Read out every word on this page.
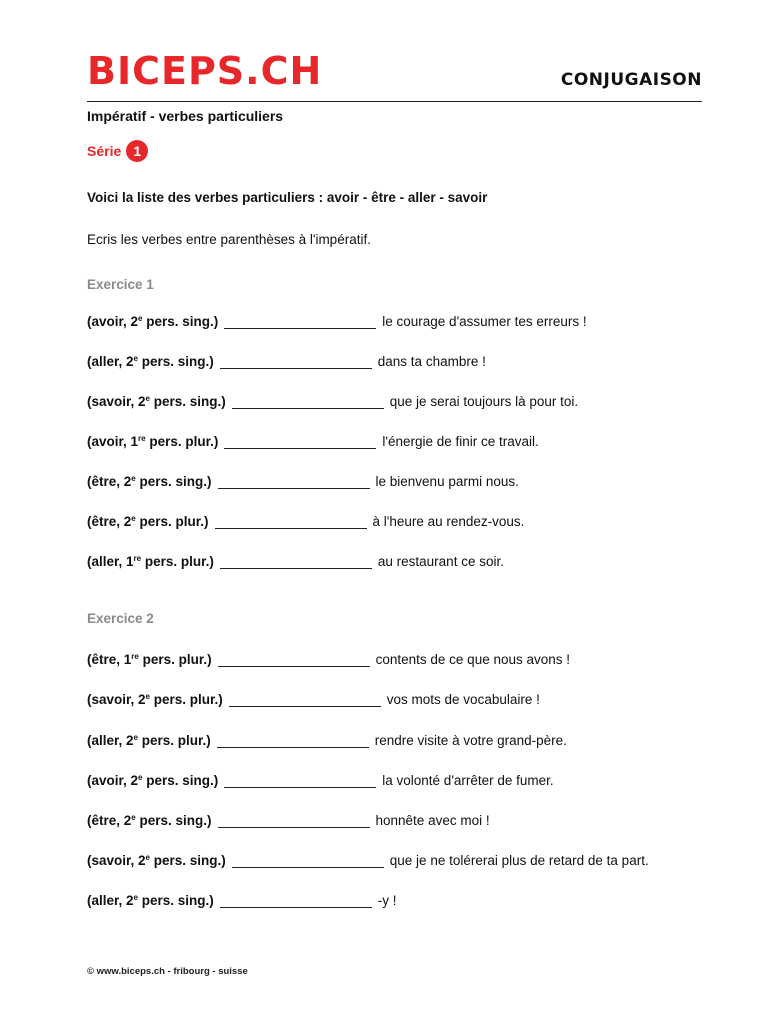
BICEPS.CH	CONJUGAISON
Impératif - verbes particuliers
Série 1
Voici la liste des verbes particuliers : avoir - être - aller - savoir
Ecris les verbes entre parenthèses à l'impératif.
Exercice 1
(avoir, 2e pers. sing.)	le courage d'assumer tes erreurs !
(aller, 2e pers. sing.)	dans ta chambre !
(savoir, 2e pers. sing.)	que je serai toujours là pour toi.
(avoir, 1re pers. plur.)	l'énergie de finir ce travail.
(être, 2e pers. sing.)	le bienvenu parmi nous.
(être, 2e pers. plur.)	à l'heure au rendez-vous.
(aller, 1re pers. plur.)	au restaurant ce soir.
Exercice 2
(être, 1re pers. plur.)	contents de ce que nous avons !
(savoir, 2e pers. plur.)	vos mots de vocabulaire !
(aller, 2e pers. plur.)	rendre visite à votre grand-père.
(avoir, 2e pers. sing.)	la volonté d'arrêter de fumer.
(être, 2e pers. sing.)	honnête avec moi !
(savoir, 2e pers. sing.)	que je ne tolérerai plus de retard de ta part.
(aller, 2e pers. sing.)	-y !
© www.biceps.ch - fribourg - suisse
